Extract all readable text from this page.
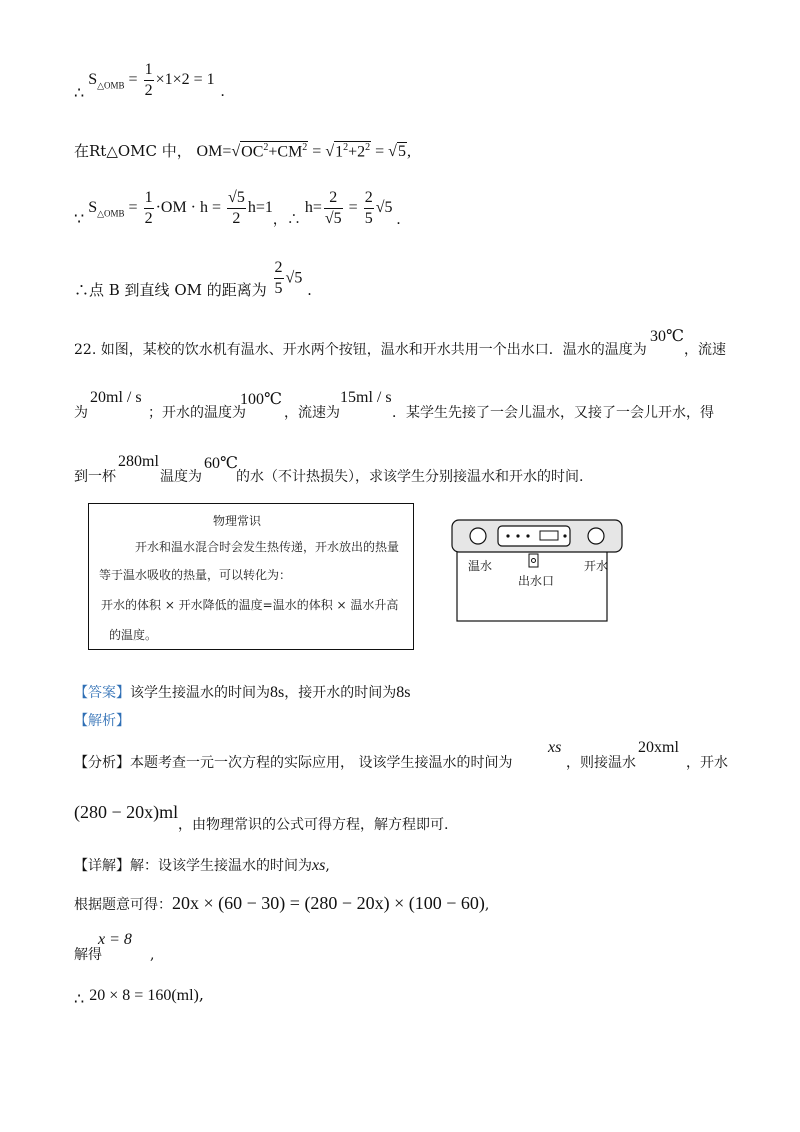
∴ $S_{\triangle OMB} = \frac{1}{2} \times 1\times 2 = 1$ .
在Rt△OMC 中， $OM=√OC^2+CM^2 = √1^2+2^2 = √5$,
∵ $S_{\triangle OMB} = \frac{1}{2} \cdot OM \cdot h = \frac{√5}{2} h=1$，∴ $h= \frac{2}{√5} = \frac{2}{5} √5$ .
∴点 B 到直线 OM 的距离为 $\frac{2}{5} √5$ .
22. 如图，某校的饮水机有温水、开水两个按钮，温水和开水共用一个出水口．温水的温度为
30℃
，流速
为
20ml / s
；开水的温度为
100℃
，流速为
15ml / s
．某学生先接了一会儿温水，又接了一会儿开水，得
到一杯
280ml
温度为
60℃
的水（不计热损失），求该学生分别接温水和开水的时间.
物理常识
开水和温水混合时会发生热传递，开水放出的热量
等于温水吸收的热量，可以转化为：
开水的体积 × 开水降低的温度=温水的体积 × 温水升高
的温度。
温水	开水
出水口
【答案】该学生接温水的时间为8s，接开水的时间为8s
【解析】
【分析】本题考查一元一次方程的实际应用， 设该学生接温水的时间为
xs
，则接温水
20xml
，开水
(280 − 20x)ml
，由物理常识的公式可得方程，解方程即可.
【详解】解：设该学生接温水的时间为xs,
根据题意可得：20x × (60 − 30) = (280 − 20x) × (100 − 60),
x = 8
解得	,
∴ 20 × 8 = 160(ml),
